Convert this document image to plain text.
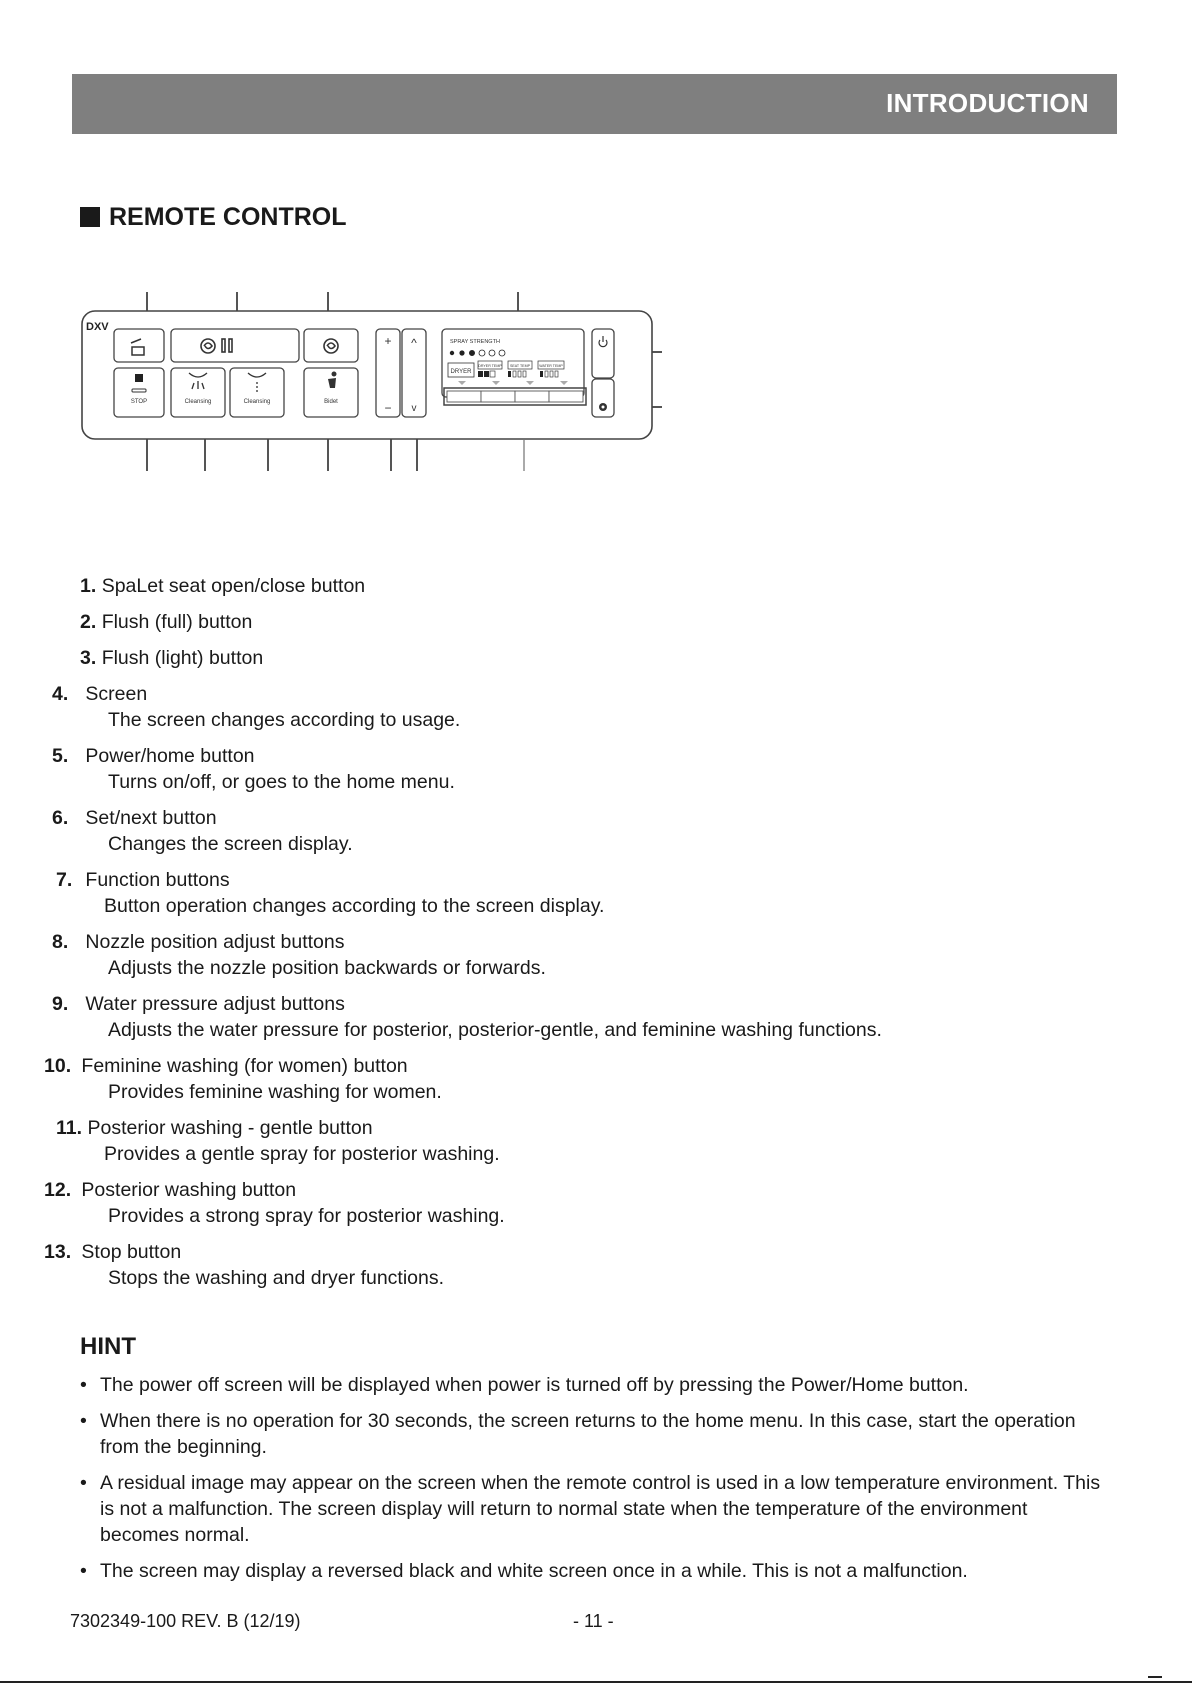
INTRODUCTION
REMOTE CONTROL
DXV
STOP	Cleansing	Cleansing	Bidet
+
−
^
v
SPRAY STRENGTH
DRYER
DRYER TEMP SEAT TEMP	WATER TEMP
1. SpaLet seat open/close button
2. Flush (full) button
3. Flush (light) button
4. Screen
The screen changes according to usage.
5. Power/home button
Turns on/off, or goes to the home menu.
6. Set/next button
Changes the screen display.
7. Function buttons
Button operation changes according to the screen display.
8. Nozzle position adjust buttons
Adjusts the nozzle position backwards or forwards.
9. Water pressure adjust buttons
Adjusts the water pressure for posterior, posterior-gentle, and feminine washing functions.
10. Feminine washing (for women) button
Provides feminine washing for women.
11. Posterior washing - gentle button
Provides a gentle spray for posterior washing.
12. Posterior washing button
Provides a strong spray for posterior washing.
13. Stop button
Stops the washing and dryer functions.
HINT
• The power off screen will be displayed when power is turned off by pressing the Power/Home button.
• When there is no operation for 30 seconds, the screen returns to the home menu. In this case, start the operation from the beginning.
• A residual image may appear on the screen when the remote control is used in a low temperature environment. This is not a malfunction. The screen display will return to normal state when the temperature of the environment becomes normal.
• The screen may display a reversed black and white screen once in a while. This is not a malfunction.
7302349-100 REV. B (12/19)	- 11 -
